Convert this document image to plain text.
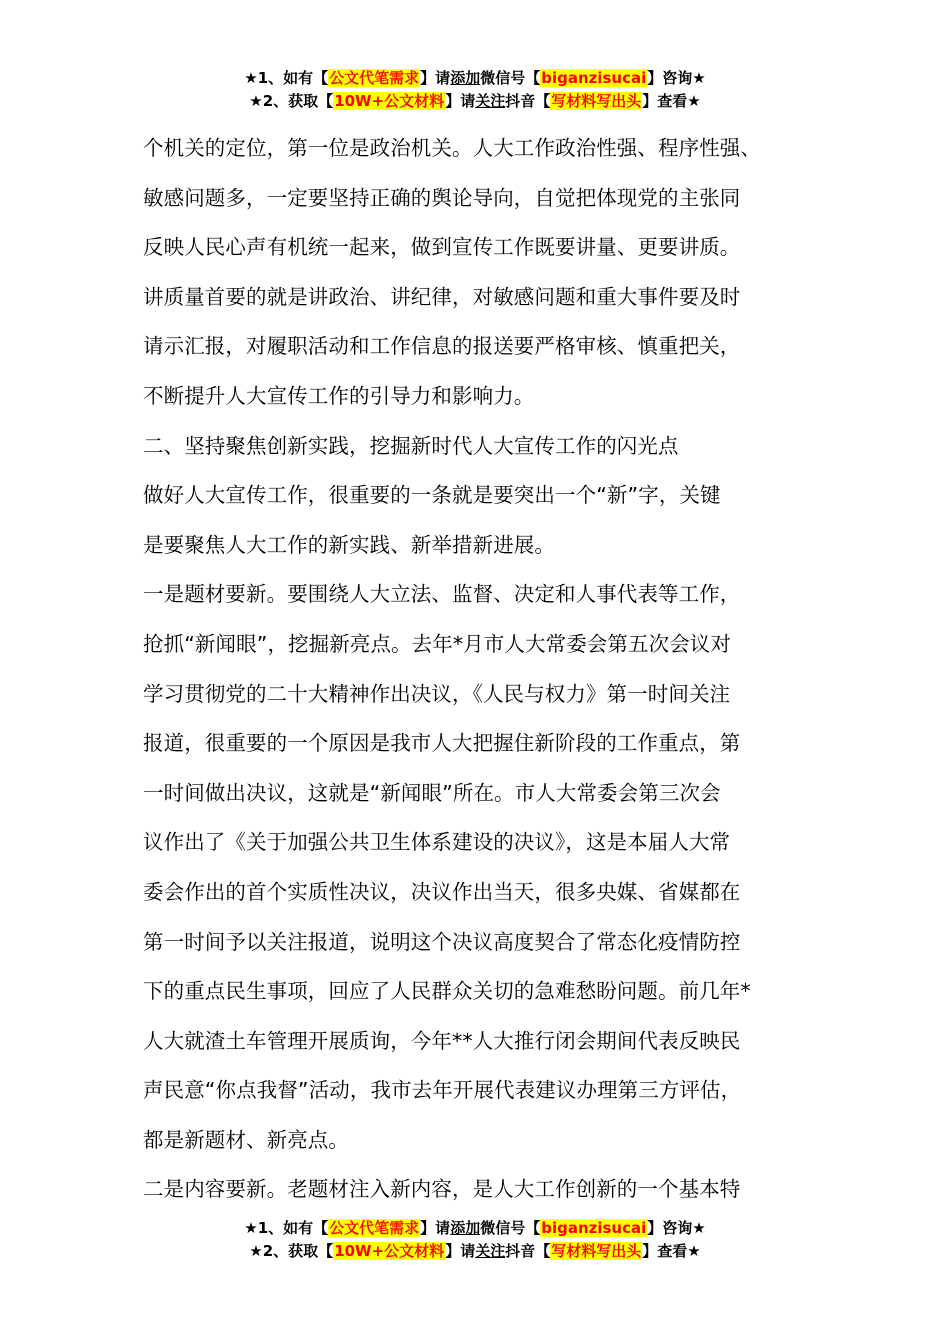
★1、如有【公文代笔需求】请添加微信号【biganzisucai】咨询★
★2、获取【10W+公文材料】请关注抖音【写材料写出头】查看★
个机关的定位，第一位是政治机关。人大工作政治性强、程序性强、
敏感问题多，一定要坚持正确的舆论导向，自觉把体现党的主张同
反映人民心声有机统一起来，做到宣传工作既要讲量、更要讲质。
讲质量首要的就是讲政治、讲纪律，对敏感问题和重大事件要及时
请示汇报，对履职活动和工作信息的报送要严格审核、慎重把关，
不断提升人大宣传工作的引导力和影响力。
二、坚持聚焦创新实践，挖掘新时代人大宣传工作的闪光点
做好人大宣传工作，很重要的一条就是要突出一个“新”字，关键
是要聚焦人大工作的新实践、新举措新进展。
一是题材要新。要围绕人大立法、监督、决定和人事代表等工作，
抢抓“新闻眼”，挖掘新亮点。去年*月市人大常委会第五次会议对
学习贯彻党的二十大精神作出决议，《人民与权力》第一时间关注
报道，很重要的一个原因是我市人大把握住新阶段的工作重点，第
一时间做出决议，这就是“新闻眼”所在。市人大常委会第三次会
议作出了《关于加强公共卫生体系建设的决议》，这是本届人大常
委会作出的首个实质性决议，决议作出当天，很多央媒、省媒都在
第一时间予以关注报道，说明这个决议高度契合了常态化疫情防控
下的重点民生事项，回应了人民群众关切的急难愁盼问题。前几年*
人大就渣土车管理开展质询，今年**人大推行闭会期间代表反映民
声民意“你点我督”活动，我市去年开展代表建议办理第三方评估，
都是新题材、新亮点。
二是内容要新。老题材注入新内容，是人大工作创新的一个基本特
★1、如有【公文代笔需求】请添加微信号【biganzisucai】咨询★
★2、获取【10W+公文材料】请关注抖音【写材料写出头】查看★
